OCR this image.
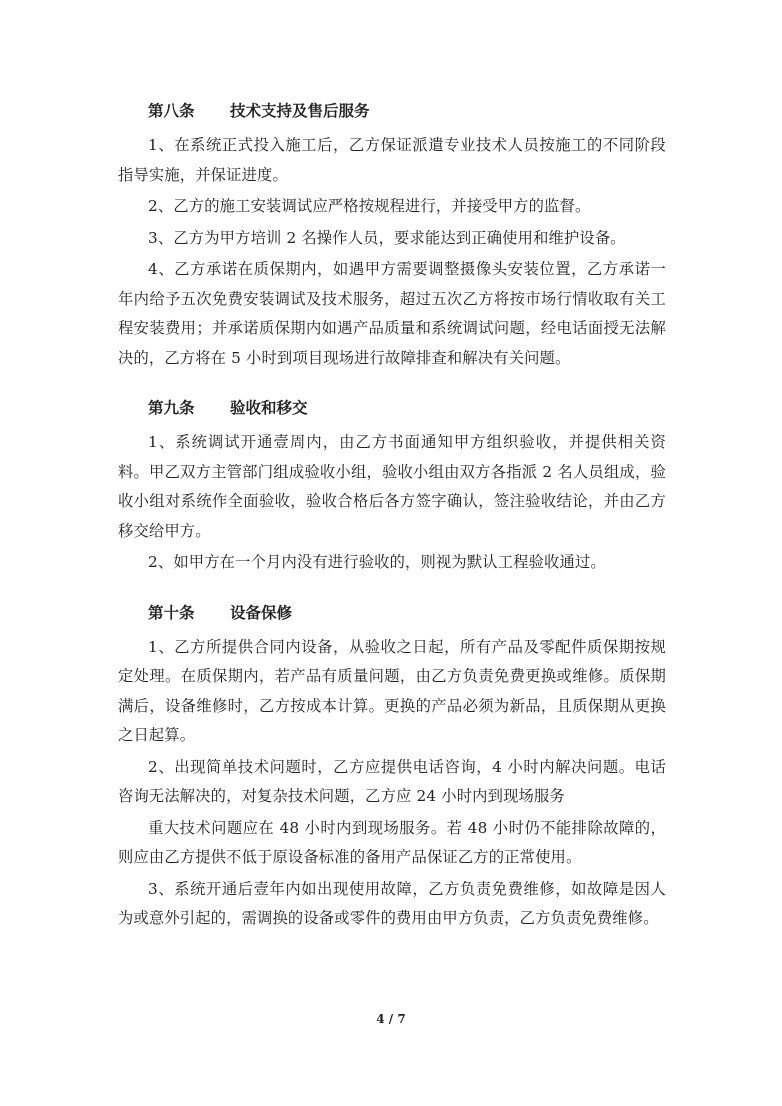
第八条 技术支持及售后服务

1、在系统正式投入施工后，乙方保证派遣专业技术人员按施工的不同阶段指导实施，并保证进度。

2、乙方的施工安装调试应严格按规程进行，并接受甲方的监督。

3、乙方为甲方培训 2 名操作人员，要求能达到正确使用和维护设备。

4、乙方承诺在质保期内，如遇甲方需要调整摄像头安装位置，乙方承诺一年内给予五次免费安装调试及技术服务，超过五次乙方将按市场行情收取有关工程安装费用；并承诺质保期内如遇产品质量和系统调试问题，经电话面授无法解决的，乙方将在 5 小时到项目现场进行故障排查和解决有关问题。

第九条 验收和移交

1、系统调试开通壹周内，由乙方书面通知甲方组织验收，并提供相关资料。甲乙双方主管部门组成验收小组，验收小组由双方各指派 2 名人员组成，验收小组对系统作全面验收，验收合格后各方签字确认，签注验收结论，并由乙方移交给甲方。

2、如甲方在一个月内没有进行验收的，则视为默认工程验收通过。

第十条 设备保修

1、乙方所提供合同内设备，从验收之日起，所有产品及零配件质保期按规定处理。在质保期内，若产品有质量问题，由乙方负责免费更换或维修。质保期满后，设备维修时，乙方按成本计算。更换的产品必须为新品，且质保期从更换之日起算。

2、出现简单技术问题时，乙方应提供电话咨询，4 小时内解决问题。电话咨询无法解决的，对复杂技术问题，乙方应 24 小时内到现场服务

重大技术问题应在 48 小时内到现场服务。若 48 小时仍不能排除故障的，则应由乙方提供不低于原设备标准的备用产品保证乙方的正常使用。

3、系统开通后壹年内如出现使用故障，乙方负责免费维修，如故障是因人为或意外引起的，需调换的设备或零件的费用由甲方负责，乙方负责免费维修。

4 / 7
